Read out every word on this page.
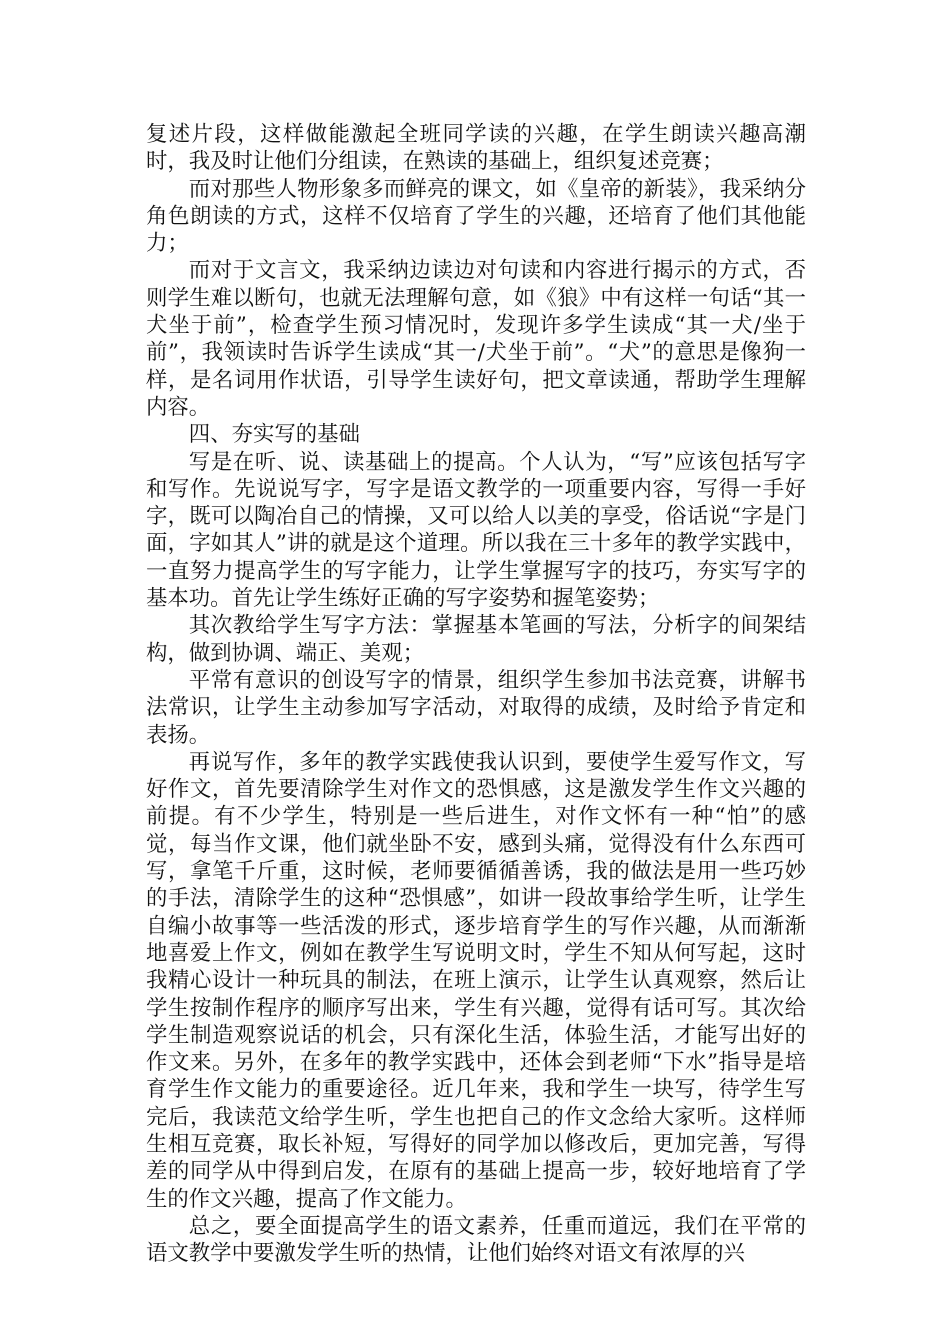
复述片段，这样做能激起全班同学读的兴趣，在学生朗读兴趣高潮时，我及时让他们分组读，在熟读的基础上，组织复述竞赛；

而对那些人物形象多而鲜亮的课文，如《皇帝的新装》，我采纳分角色朗读的方式，这样不仅培育了学生的兴趣，还培育了他们其他能力；

而对于文言文，我采纳边读边对句读和内容进行揭示的方式，否则学生难以断句，也就无法理解句意，如《狼》中有这样一句话“其一犬坐于前”，检查学生预习情况时，发现许多学生读成“其一犬/坐于前”，我领读时告诉学生读成“其一/犬坐于前”。“犬”的意思是像狗一样，是名词用作状语，引导学生读好句，把文章读通，帮助学生理解内容。

四、夯实写的基础

写是在听、说、读基础上的提高。个人认为，“写”应该包括写字和写作。先说说写字，写字是语文教学的一项重要内容，写得一手好字，既可以陶冶自己的情操，又可以给人以美的享受，俗话说“字是门面，字如其人”讲的就是这个道理。所以我在三十多年的教学实践中，一直努力提高学生的写字能力，让学生掌握写字的技巧，夯实写字的基本功。首先让学生练好正确的写字姿势和握笔姿势；

其次教给学生写字方法：掌握基本笔画的写法，分析字的间架结构，做到协调、端正、美观；

平常有意识的创设写字的情景，组织学生参加书法竞赛，讲解书法常识，让学生主动参加写字活动，对取得的成绩，及时给予肯定和表扬。

再说写作，多年的教学实践使我认识到，要使学生爱写作文，写好作文，首先要清除学生对作文的恐惧感，这是激发学生作文兴趣的前提。有不少学生，特别是一些后进生，对作文怀有一种“怕”的感觉，每当作文课，他们就坐卧不安，感到头痛，觉得没有什么东西可写，拿笔千斤重，这时候，老师要循循善诱，我的做法是用一些巧妙的手法，清除学生的这种“恐惧感”，如讲一段故事给学生听，让学生自编小故事等一些活泼的形式，逐步培育学生的写作兴趣，从而渐渐地喜爱上作文，例如在教学生写说明文时，学生不知从何写起，这时我精心设计一种玩具的制法，在班上演示，让学生认真观察，然后让学生按制作程序的顺序写出来，学生有兴趣，觉得有话可写。其次给学生制造观察说话的机会，只有深化生活，体验生活，才能写出好的作文来。另外，在多年的教学实践中，还体会到老师“下水”指导是培育学生作文能力的重要途径。近几年来，我和学生一块写，待学生写完后，我读范文给学生听，学生也把自己的作文念给大家听。这样师生相互竞赛，取长补短，写得好的同学加以修改后，更加完善，写得差的同学从中得到启发，在原有的基础上提高一步，较好地培育了学生的作文兴趣，提高了作文能力。

总之，要全面提高学生的语文素养，任重而道远，我们在平常的语文教学中要激发学生听的热情，让他们始终对语文有浓厚的兴
